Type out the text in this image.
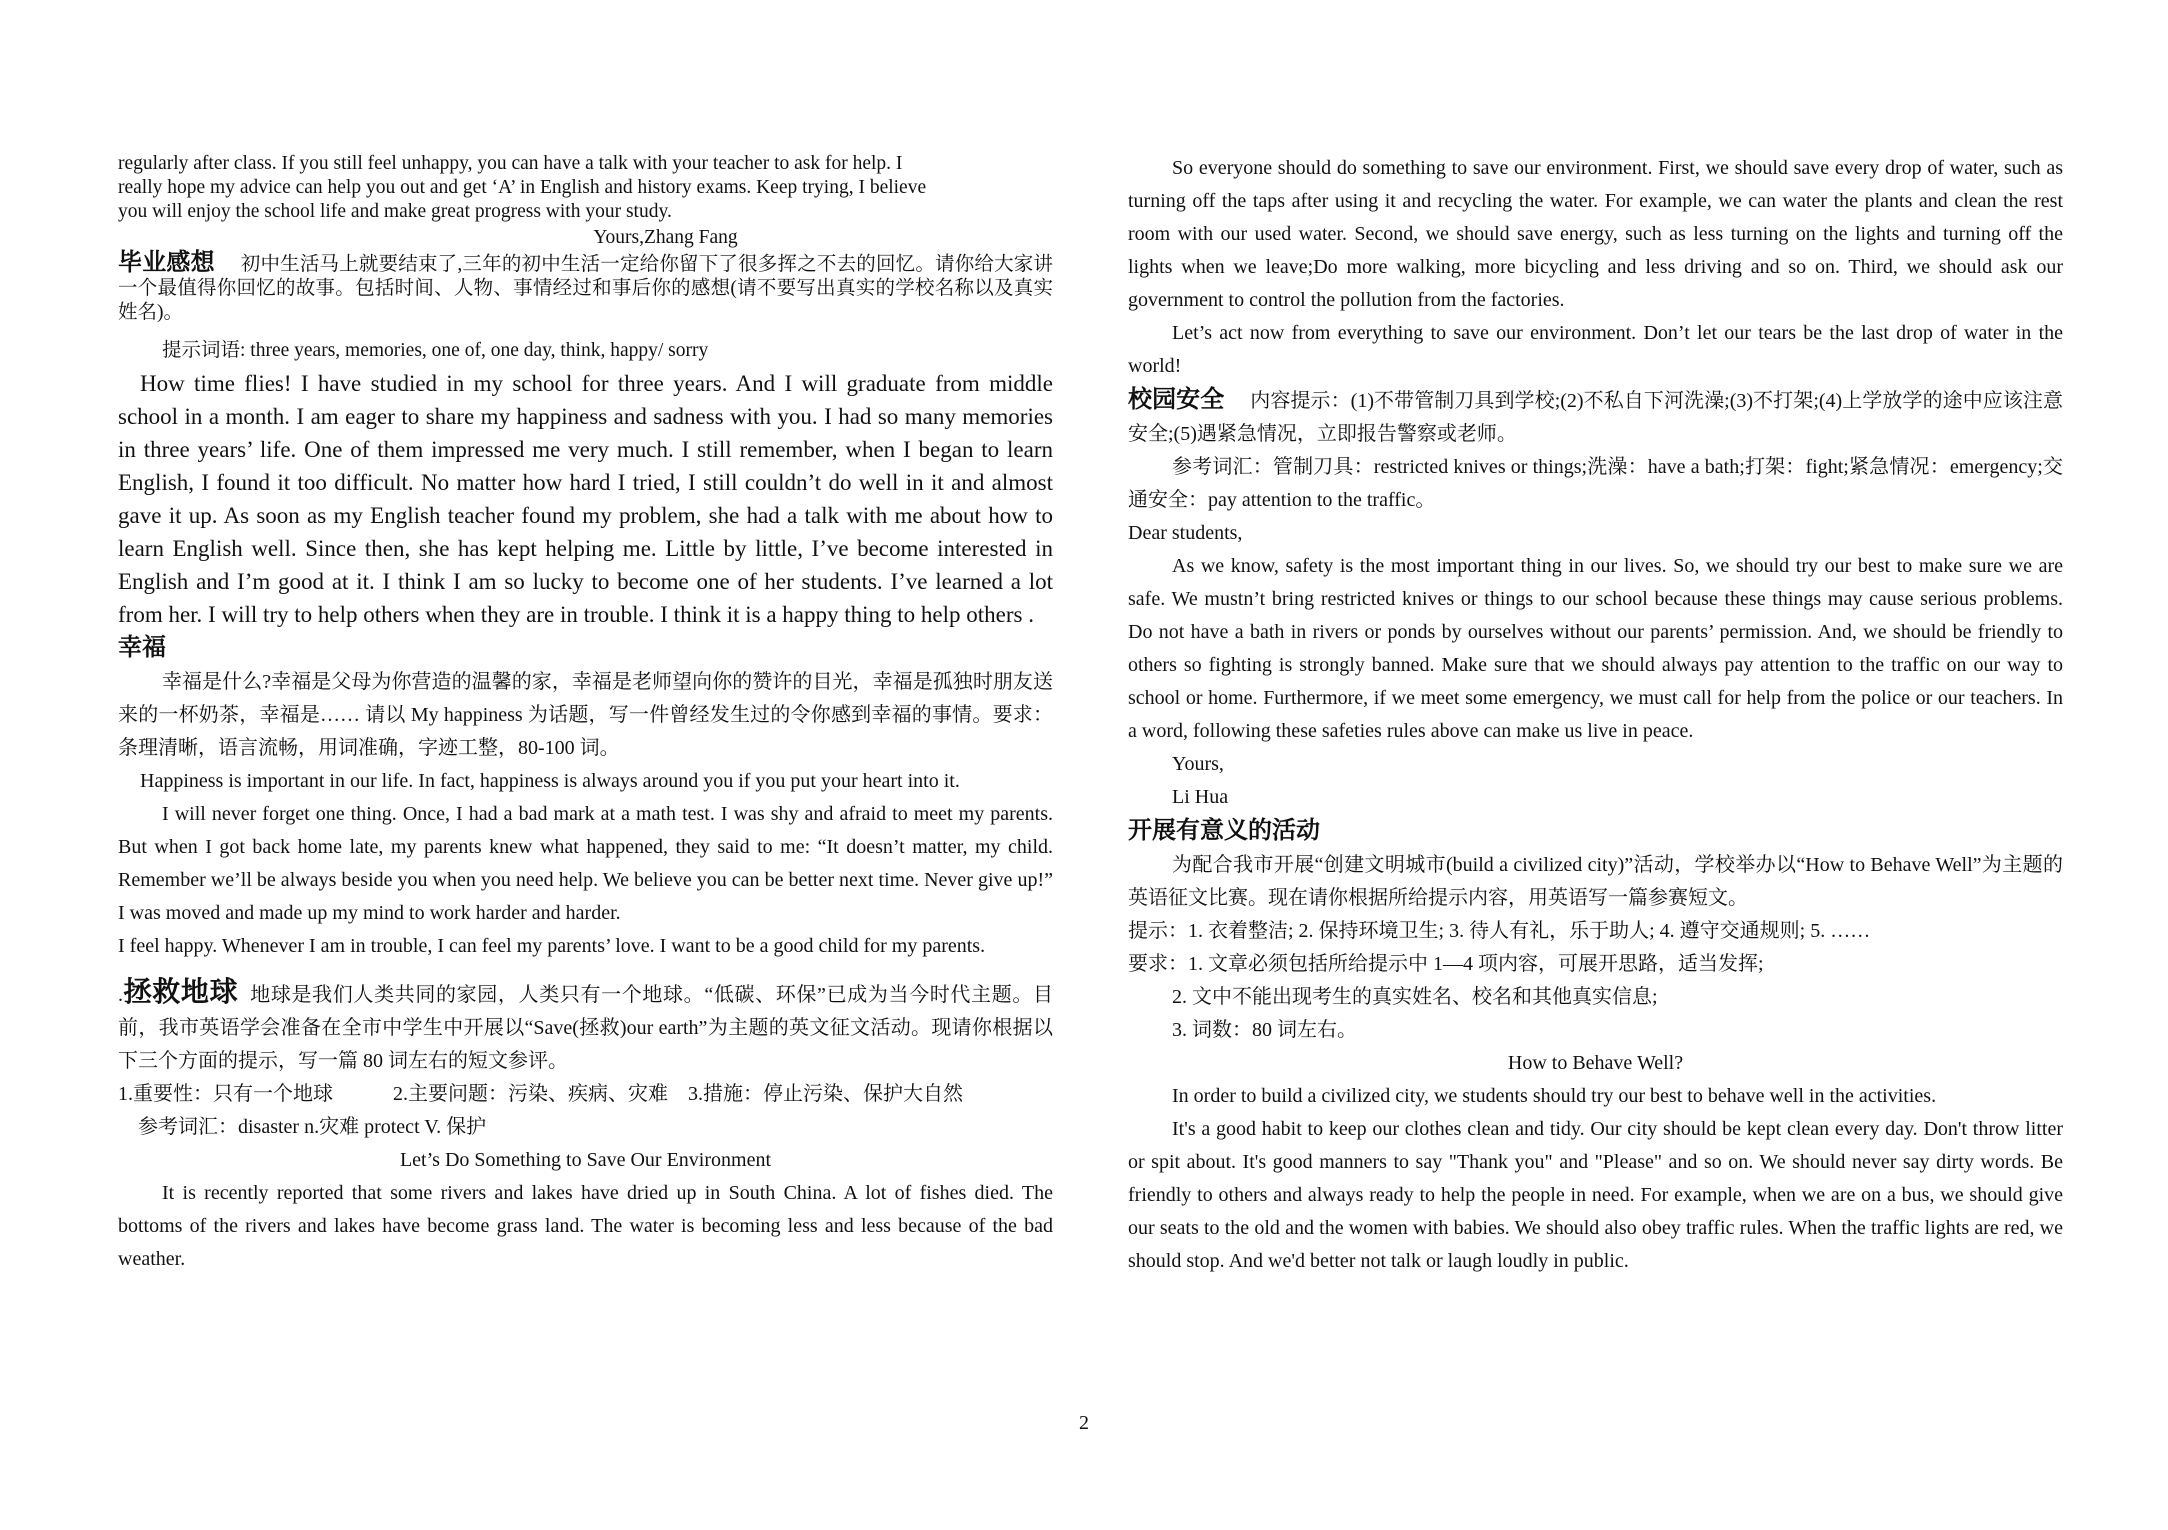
regularly after class. If you still feel unhappy, you can have a talk with your teacher to ask for help. I

really hope my advice can help you out and get ‘A’ in English and history exams. Keep trying, I believe

you will enjoy the school life and make great progress with your study.

Yours,Zhang Fang

毕业感想 初中生活马上就要结束了,三年的初中生活一定给你留下了很多挥之不去的回忆。请你给大家讲一个最值得你回忆的故事。包括时间、人物、事情经过和事后你的感想(请不要写出真实的学校名称以及真实姓名)。

提示词语: three years, memories, one of, one day, think, happy/ sorry

How time flies! I have studied in my school for three years. And I will graduate from middle school in a month. I am eager to share my happiness and sadness with you. I had so many memories in three years’ life. One of them impressed me very much. I still remember, when I began to learn English, I found it too difficult. No matter how hard I tried, I still couldn’t do well in it and almost gave it up. As soon as my English teacher found my problem, she had a talk with me about how to learn English well. Since then, she has kept helping me. Little by little, I’ve become interested in English and I’m good at it. I think I am so lucky to become one of her students. I’ve learned a lot from her. I will try to help others when they are in trouble. I think it is a happy thing to help others .

幸福

幸福是什么?幸福是父母为你营造的温馨的家，幸福是老师望向你的赞许的目光，幸福是孤独时朋友送来的一杯奶茶，幸福是…… 请以 My happiness 为话题，写一件曾经发生过的令你感到幸福的事情。要求：条理清晰，语言流畅，用词准确，字迹工整，80-100 词。

Happiness is important in our life. In fact, happiness is always around you if you put your heart into it.

I will never forget one thing. Once, I had a bad mark at a math test. I was shy and afraid to meet my parents. But when I got back home late, my parents knew what happened, they said to me: “It doesn’t matter, my child. Remember we’ll be always beside you when you need help. We believe you can be better next time. Never give up!” I was moved and made up my mind to work harder and harder.

I feel happy. Whenever I am in trouble, I can feel my parents’ love. I want to be a good child for my parents.

.拯救地球 地球是我们人类共同的家园，人类只有一个地球。“低碳、环保”已成为当今时代主题。目前，我市英语学会准备在全市中学生中开展以“Save(拯救)our earth”为主题的英文征文活动。现请你根据以下三个方面的提示，写一篇 80 词左右的短文参评。

1.重要性：只有一个地球　　　2.主要问题：污染、疾病、灾难　3.措施：停止污染、保护大自然

参考词汇：disaster n.灾难 protect V. 保护

Let’s Do Something to Save Our Environment

It is recently reported that some rivers and lakes have dried up in South China. A lot of fishes died. The bottoms of the rivers and lakes have become grass land. The water is becoming less and less because of the bad weather.

So everyone should do something to save our environment. First, we should save every drop of water, such as turning off the taps after using it and recycling the water. For example, we can water the plants and clean the rest room with our used water. Second, we should save energy, such as less turning on the lights and turning off the lights when we leave;Do more walking, more bicycling and less driving and so on. Third, we should ask our government to control the pollution from the factories.

Let’s act now from everything to save our environment. Don’t let our tears be the last drop of water in the world!

校园安全 内容提示：(1)不带管制刀具到学校;(2)不私自下河洗澡;(3)不打架;(4)上学放学的途中应该注意安全;(5)遇紧急情况，立即报告警察或老师。

参考词汇：管制刀具：restricted knives or things;洗澡：have a bath;打架：fight;紧急情况：emergency;交通安全：pay attention to the traffic。

Dear students,

As we know, safety is the most important thing in our lives. So, we should try our best to make sure we are safe. We mustn’t bring restricted knives or things to our school because these things may cause serious problems. Do not have a bath in rivers or ponds by ourselves without our parents’ permission. And, we should be friendly to others so fighting is strongly banned. Make sure that we should always pay attention to the traffic on our way to school or home. Furthermore, if we meet some emergency, we must call for help from the police or our teachers. In a word, following these safeties rules above can make us live in peace.

Yours,

Li Hua

开展有意义的活动

为配合我市开展“创建文明城市(build a civilized city)”活动，学校举办以“How to Behave Well”为主题的英语征文比赛。现在请你根据所给提示内容，用英语写一篇参赛短文。

提示：1. 衣着整洁; 2. 保持环境卫生; 3. 待人有礼，乐于助人; 4. 遵守交通规则; 5. ……

要求：1. 文章必须包括所给提示中 1—4 项内容，可展开思路，适当发挥;

2. 文中不能出现考生的真实姓名、校名和其他真实信息;

3. 词数：80 词左右。

How to Behave Well?

In order to build a civilized city, we students should try our best to behave well in the activities.

It's a good habit to keep our clothes clean and tidy. Our city should be kept clean every day. Don't throw litter or spit about. It's good manners to say "Thank you" and "Please" and so on. We should never say dirty words. Be friendly to others and always ready to help the people in need. For example, when we are on a bus, we should give our seats to the old and the women with babies. We should also obey traffic rules. When the traffic lights are red, we should stop. And we'd better not talk or laugh loudly in public.

2
